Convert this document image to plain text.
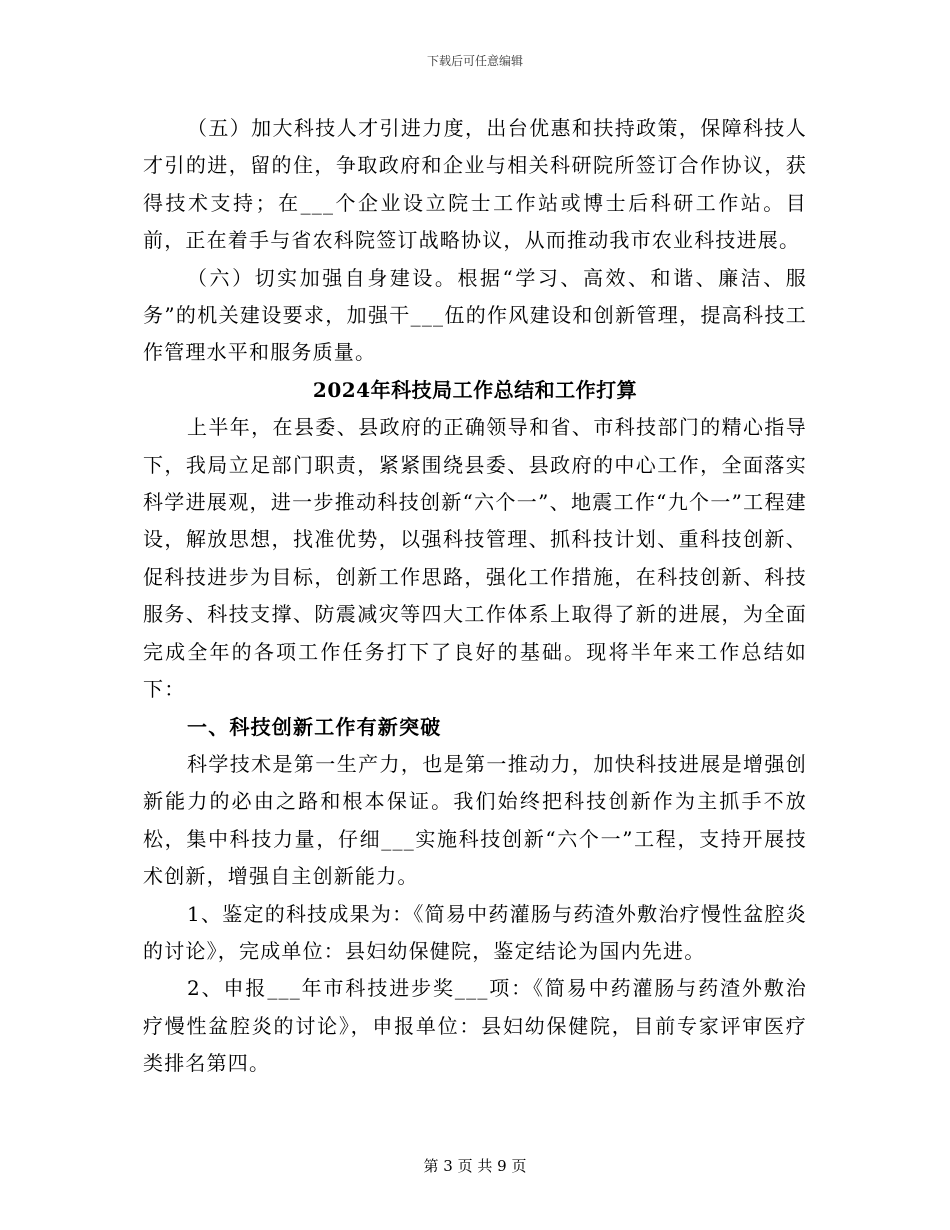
下载后可任意编辑

（五）加大科技人才引进力度，出台优惠和扶持政策，保障科技人才引的进，留的住，争取政府和企业与相关科研院所签订合作协议，获得技术支持；在___个企业设立院士工作站或博士后科研工作站。目前，正在着手与省农科院签订战略协议，从而推动我市农业科技进展。

（六）切实加强自身建设。根据“学习、高效、和谐、廉洁、服务”的机关建设要求，加强干___伍的作风建设和创新管理，提高科技工作管理水平和服务质量。

2024年科技局工作总结和工作打算

上半年，在县委、县政府的正确领导和省、市科技部门的精心指导下，我局立足部门职责，紧紧围绕县委、县政府的中心工作，全面落实科学进展观，进一步推动科技创新“六个一”、地震工作“九个一”工程建设，解放思想，找准优势，以强科技管理、抓科技计划、重科技创新、促科技进步为目标，创新工作思路，强化工作措施，在科技创新、科技服务、科技支撑、防震减灾等四大工作体系上取得了新的进展，为全面完成全年的各项工作任务打下了良好的基础。现将半年来工作总结如下：

一、科技创新工作有新突破

科学技术是第一生产力，也是第一推动力，加快科技进展是增强创新能力的必由之路和根本保证。我们始终把科技创新作为主抓手不放松，集中科技力量，仔细___实施科技创新“六个一”工程，支持开展技术创新，增强自主创新能力。

1、鉴定的科技成果为：《简易中药灌肠与药渣外敷治疗慢性盆腔炎的讨论》，完成单位：县妇幼保健院，鉴定结论为国内先进。

2、申报___年市科技进步奖___项：《简易中药灌肠与药渣外敷治疗慢性盆腔炎的讨论》，申报单位：县妇幼保健院，目前专家评审医疗类排名第四。

第 3 页 共 9 页
